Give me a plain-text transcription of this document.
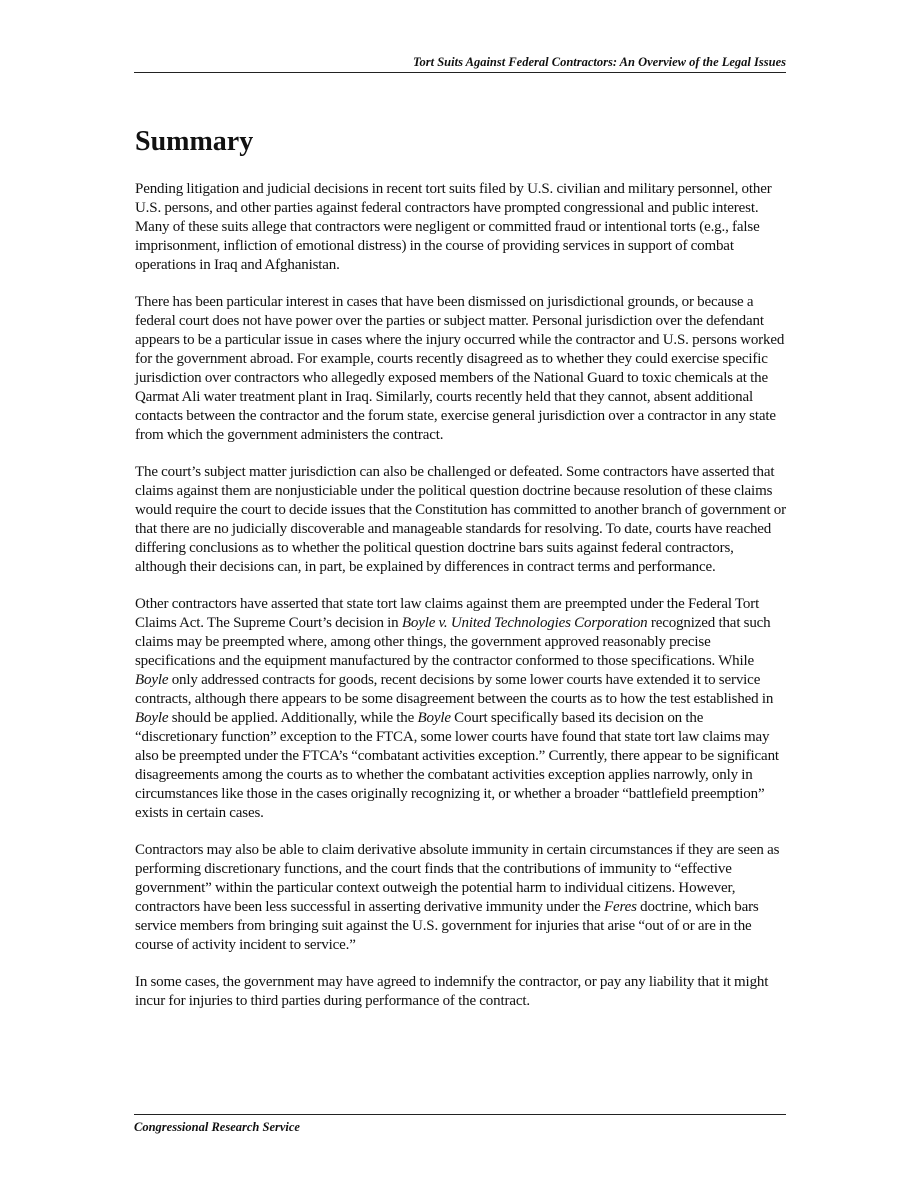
Tort Suits Against Federal Contractors: An Overview of the Legal Issues
Summary

Pending litigation and judicial decisions in recent tort suits filed by U.S. civilian and military personnel, other U.S. persons, and other parties against federal contractors have prompted congressional and public interest. Many of these suits allege that contractors were negligent or committed fraud or intentional torts (e.g., false imprisonment, infliction of emotional distress) in the course of providing services in support of combat operations in Iraq and Afghanistan.

There has been particular interest in cases that have been dismissed on jurisdictional grounds, or because a federal court does not have power over the parties or subject matter. Personal jurisdiction over the defendant appears to be a particular issue in cases where the injury occurred while the contractor and U.S. persons worked for the government abroad. For example, courts recently disagreed as to whether they could exercise specific jurisdiction over contractors who allegedly exposed members of the National Guard to toxic chemicals at the Qarmat Ali water treatment plant in Iraq. Similarly, courts recently held that they cannot, absent additional contacts between the contractor and the forum state, exercise general jurisdiction over a contractor in any state from which the government administers the contract.

The court’s subject matter jurisdiction can also be challenged or defeated. Some contractors have asserted that claims against them are nonjusticiable under the political question doctrine because resolution of these claims would require the court to decide issues that the Constitution has committed to another branch of government or that there are no judicially discoverable and manageable standards for resolving. To date, courts have reached differing conclusions as to whether the political question doctrine bars suits against federal contractors, although their decisions can, in part, be explained by differences in contract terms and performance.

Other contractors have asserted that state tort law claims against them are preempted under the Federal Tort Claims Act. The Supreme Court’s decision in Boyle v. United Technologies Corporation recognized that such claims may be preempted where, among other things, the government approved reasonably precise specifications and the equipment manufactured by the contractor conformed to those specifications. While Boyle only addressed contracts for goods, recent decisions by some lower courts have extended it to service contracts, although there appears to be some disagreement between the courts as to how the test established in Boyle should be applied. Additionally, while the Boyle Court specifically based its decision on the “discretionary function” exception to the FTCA, some lower courts have found that state tort law claims may also be preempted under the FTCA’s “combatant activities exception.” Currently, there appear to be significant disagreements among the courts as to whether the combatant activities exception applies narrowly, only in circumstances like those in the cases originally recognizing it, or whether a broader “battlefield preemption” exists in certain cases.

Contractors may also be able to claim derivative absolute immunity in certain circumstances if they are seen as performing discretionary functions, and the court finds that the contributions of immunity to “effective government” within the particular context outweigh the potential harm to individual citizens. However, contractors have been less successful in asserting derivative immunity under the Feres doctrine, which bars service members from bringing suit against the U.S. government for injuries that arise “out of or are in the course of activity incident to service.”

In some cases, the government may have agreed to indemnify the contractor, or pay any liability that it might incur for injuries to third parties during performance of the contract.

Congressional Research Service
